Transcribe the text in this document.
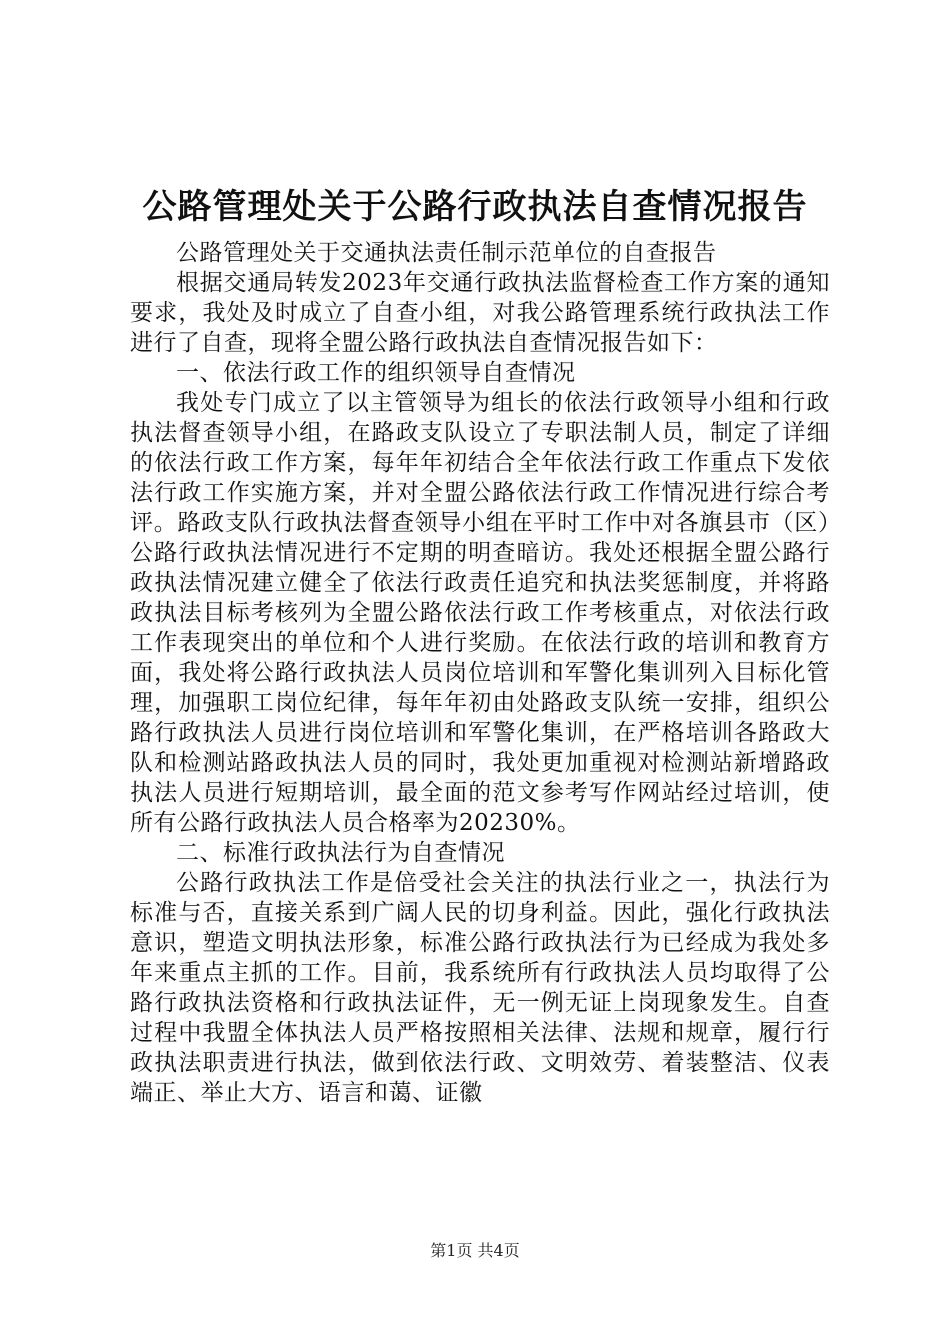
公路管理处关于公路行政执法自查情况报告

公路管理处关于交通执法责任制示范单位的自查报告

根据交通局转发2023年交通行政执法监督检查工作方案的通知要求，我处及时成立了自查小组，对我公路管理系统行政执法工作进行了自查，现将全盟公路行政执法自查情况报告如下：

一、依法行政工作的组织领导自查情况

我处专门成立了以主管领导为组长的依法行政领导小组和行政执法督查领导小组，在路政支队设立了专职法制人员，制定了详细的依法行政工作方案，每年年初结合全年依法行政工作重点下发依法行政工作实施方案，并对全盟公路依法行政工作情况进行综合考评。路政支队行政执法督查领导小组在平时工作中对各旗县市（区）公路行政执法情况进行不定期的明查暗访。我处还根据全盟公路行政执法情况建立健全了依法行政责任追究和执法奖惩制度，并将路政执法目标考核列为全盟公路依法行政工作考核重点，对依法行政工作表现突出的单位和个人进行奖励。在依法行政的培训和教育方面，我处将公路行政执法人员岗位培训和军警化集训列入目标化管理，加强职工岗位纪律，每年年初由处路政支队统一安排，组织公路行政执法人员进行岗位培训和军警化集训，在严格培训各路政大队和检测站路政执法人员的同时，我处更加重视对检测站新增路政执法人员进行短期培训，最全面的范文参考写作网站经过培训，使所有公路行政执法人员合格率为20230%。

二、标准行政执法行为自查情况

公路行政执法工作是倍受社会关注的执法行业之一，执法行为标准与否，直接关系到广阔人民的切身利益。因此，强化行政执法意识，塑造文明执法形象，标准公路行政执法行为已经成为我处多年来重点主抓的工作。目前，我系统所有行政执法人员均取得了公路行政执法资格和行政执法证件，无一例无证上岗现象发生。自查过程中我盟全体执法人员严格按照相关法律、法规和规章，履行行政执法职责进行执法，做到依法行政、文明效劳、着装整洁、仪表端正、举止大方、语言和蔼、证徽

第1页 共4页
